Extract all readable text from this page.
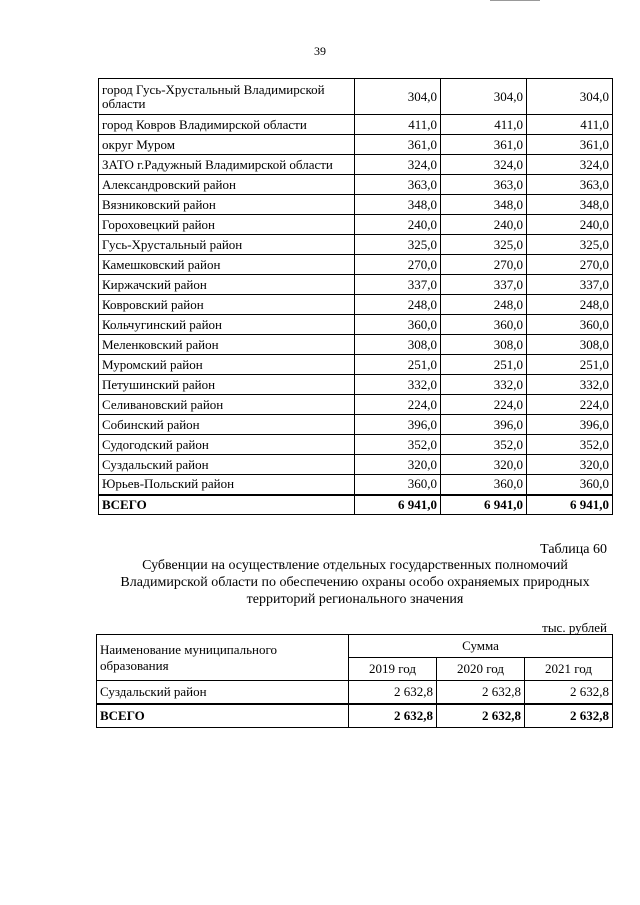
39
город Гусь-Хрустальный Владимирской области	304,0	304,0	304,0
город Ковров Владимирской области	411,0	411,0	411,0
округ Муром	361,0	361,0	361,0
ЗАТО г.Радужный Владимирской области	324,0	324,0	324,0
Александровский район	363,0	363,0	363,0
Вязниковский район	348,0	348,0	348,0
Гороховецкий район	240,0	240,0	240,0
Гусь-Хрустальный район	325,0	325,0	325,0
Камешковский район	270,0	270,0	270,0
Киржачский район	337,0	337,0	337,0
Ковровский район	248,0	248,0	248,0
Кольчугинский район	360,0	360,0	360,0
Меленковский район	308,0	308,0	308,0
Муромский район	251,0	251,0	251,0
Петушинский район	332,0	332,0	332,0
Селивановский район	224,0	224,0	224,0
Собинский район	396,0	396,0	396,0
Судогодский район	352,0	352,0	352,0
Суздальский район	320,0	320,0	320,0
Юрьев-Польский район	360,0	360,0	360,0
ВСЕГО	6 941,0	6 941,0	6 941,0
Таблица 60
Субвенции на осуществление отдельных государственных полномочий Владимирской области по обеспечению охраны особо охраняемых природных территорий регионального значения
тыс. рублей
Наименование муниципального образования	Сумма		
	2019 год	2020 год	2021 год
Суздальский район	2 632,8	2 632,8	2 632,8
ВСЕГО	2 632,8	2 632,8	2 632,8
